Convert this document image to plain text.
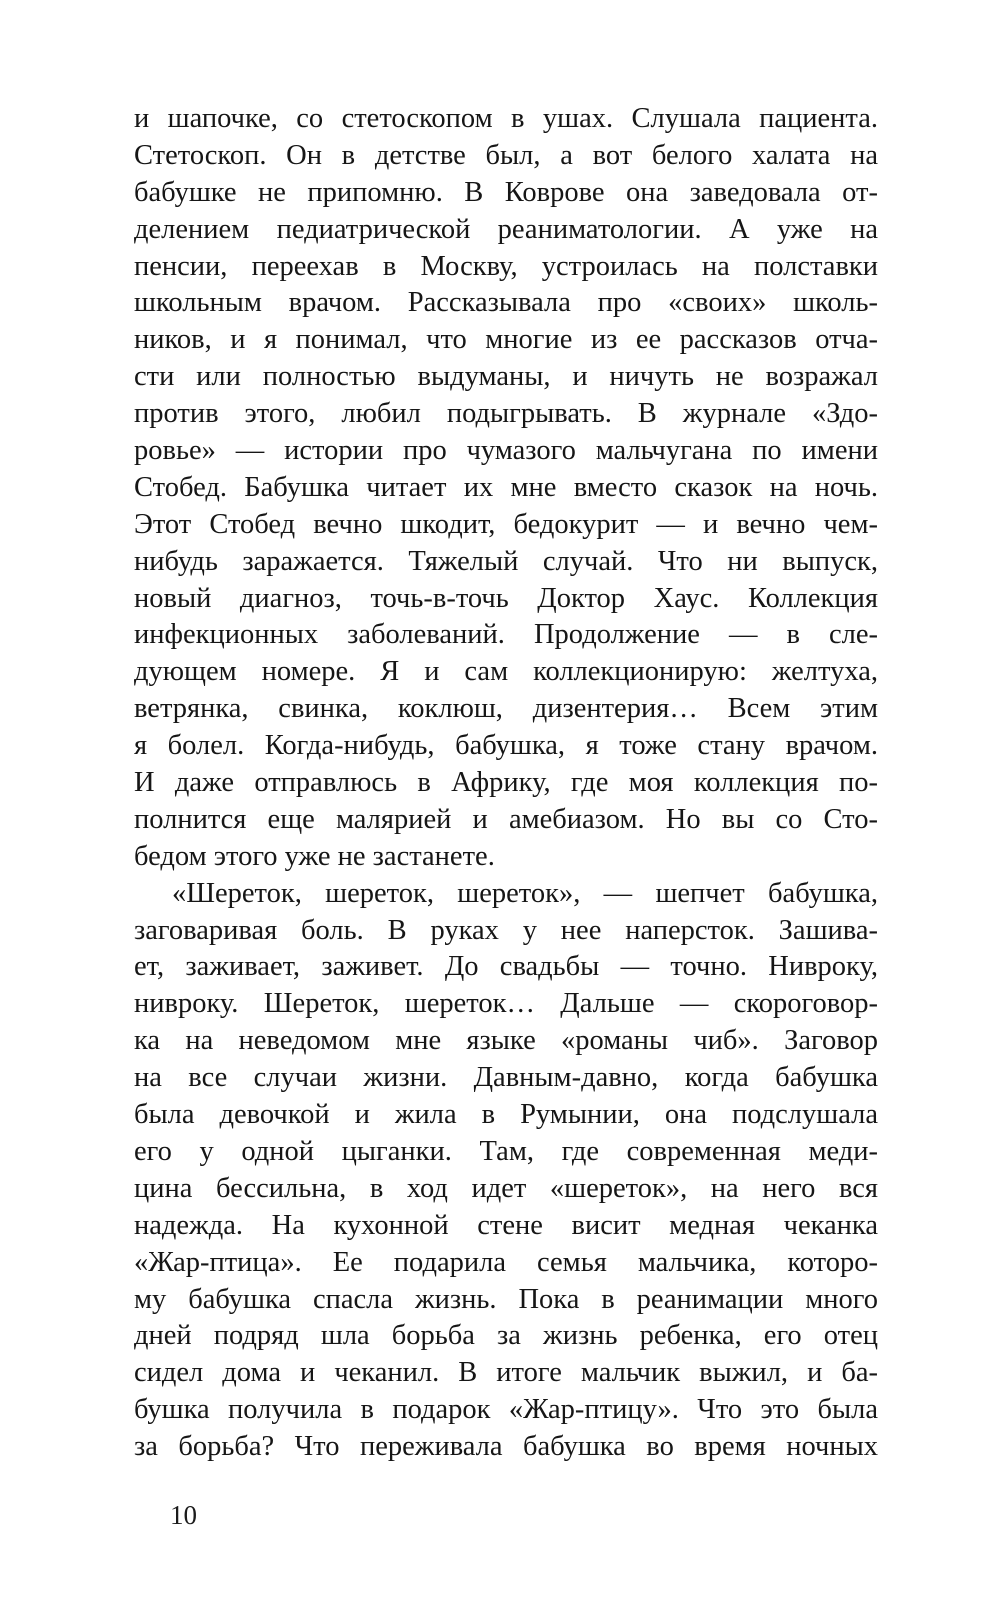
и шапочке, со стетоскопом в ушах. Слушала пациента.
Стетоскоп. Он в детстве был, а вот белого халата на
бабушке не припомню. В Коврове она заведовала от-
делением педиатрической реаниматологии. А уже на
пенсии, переехав в Москву, устроилась на полставки
школьным врачом. Рассказывала про «своих» школь-
ников, и я понимал, что многие из ее рассказов отча-
сти или полностью выдуманы, и ничуть не возражал
против этого, любил подыгрывать. В журнале «Здо-
ровье» — истории про чумазого мальчугана по имени
Стобед. Бабушка читает их мне вместо сказок на ночь.
Этот Стобед вечно шкодит, бедокурит — и вечно чем-
нибудь заражается. Тяжелый случай. Что ни выпуск,
новый диагноз, точь-в-точь Доктор Хаус. Коллекция
инфекционных заболеваний. Продолжение — в сле-
дующем номере. Я и сам коллекционирую: желтуха,
ветрянка, свинка, коклюш, дизентерия… Всем этим
я болел. Когда-нибудь, бабушка, я тоже стану врачом.
И даже отправлюсь в Африку, где моя коллекция по-
полнится еще малярией и амебиазом. Но вы со Сто-
бедом этого уже не застанете.
«Шереток, шереток, шереток», — шепчет бабушка,
заговаривая боль. В руках у нее наперсток. Зашива-
ет, заживает, заживет. До свадьбы — точно. Нивроку,
нивроку. Шереток, шереток… Дальше — скороговор-
ка на неведомом мне языке «романы чиб». Заговор
на все случаи жизни. Давным-давно, когда бабушка
была девочкой и жила в Румынии, она подслушала
его у одной цыганки. Там, где современная меди-
цина бессильна, в ход идет «шереток», на него вся
надежда. На кухонной стене висит медная чеканка
«Жар-птица». Ее подарила семья мальчика, которо-
му бабушка спасла жизнь. Пока в реанимации много
дней подряд шла борьба за жизнь ребенка, его отец
сидел дома и чеканил. В итоге мальчик выжил, и ба-
бушка получила в подарок «Жар-птицу». Что это была
за борьба? Что переживала бабушка во время ночных
10
